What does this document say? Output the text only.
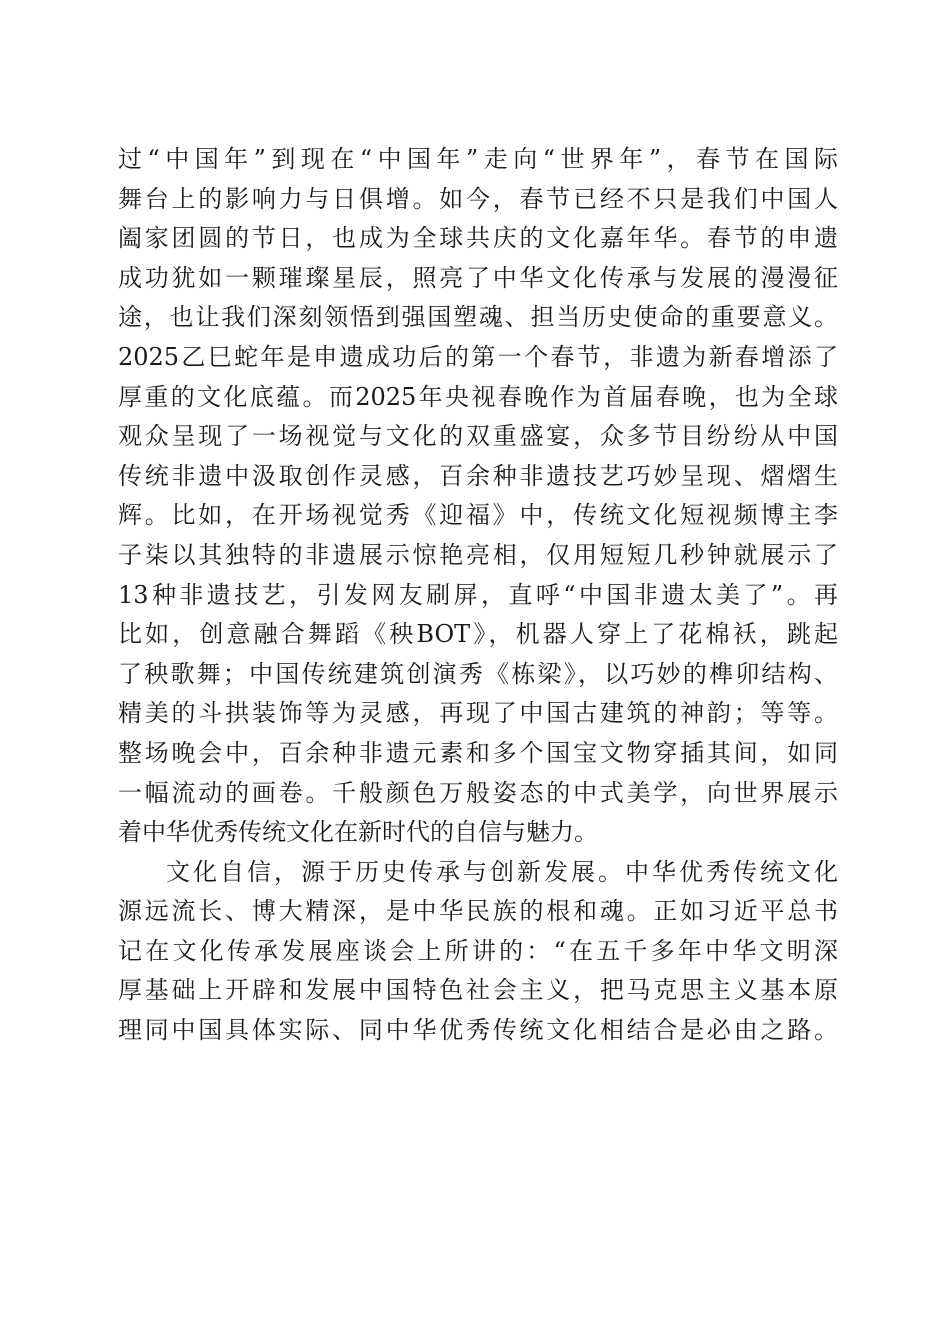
过“中国年”到现在“中国年”走向“世界年”，春节在国际
舞台上的影响力与日俱增。如今，春节已经不只是我们中国人
阖家团圆的节日，也成为全球共庆的文化嘉年华。春节的申遗
成功犹如一颗璀璨星辰，照亮了中华文化传承与发展的漫漫征
途，也让我们深刻领悟到强国塑魂、担当历史使命的重要意义。
2025乙巳蛇年是申遗成功后的第一个春节，非遗为新春增添了
厚重的文化底蕴。而2025年央视春晚作为首届春晚，也为全球
观众呈现了一场视觉与文化的双重盛宴，众多节目纷纷从中国
传统非遗中汲取创作灵感，百余种非遗技艺巧妙呈现、熠熠生
辉。比如，在开场视觉秀《迎福》中，传统文化短视频博主李
子柒以其独特的非遗展示惊艳亮相，仅用短短几秒钟就展示了
13种非遗技艺，引发网友刷屏，直呼“中国非遗太美了”。再
比如，创意融合舞蹈《秧BOT》，机器人穿上了花棉袄，跳起
了秧歌舞；中国传统建筑创演秀《栋梁》，以巧妙的榫卯结构、
精美的斗拱装饰等为灵感，再现了中国古建筑的神韵；等等。
整场晚会中，百余种非遗元素和多个国宝文物穿插其间，如同
一幅流动的画卷。千般颜色万般姿态的中式美学，向世界展示
着中华优秀传统文化在新时代的自信与魅力。
文化自信，源于历史传承与创新发展。中华优秀传统文化
源远流长、博大精深，是中华民族的根和魂。正如习近平总书
记在文化传承发展座谈会上所讲的：“在五千多年中华文明深
厚基础上开辟和发展中国特色社会主义，把马克思主义基本原
理同中国具体实际、同中华优秀传统文化相结合是必由之路。
